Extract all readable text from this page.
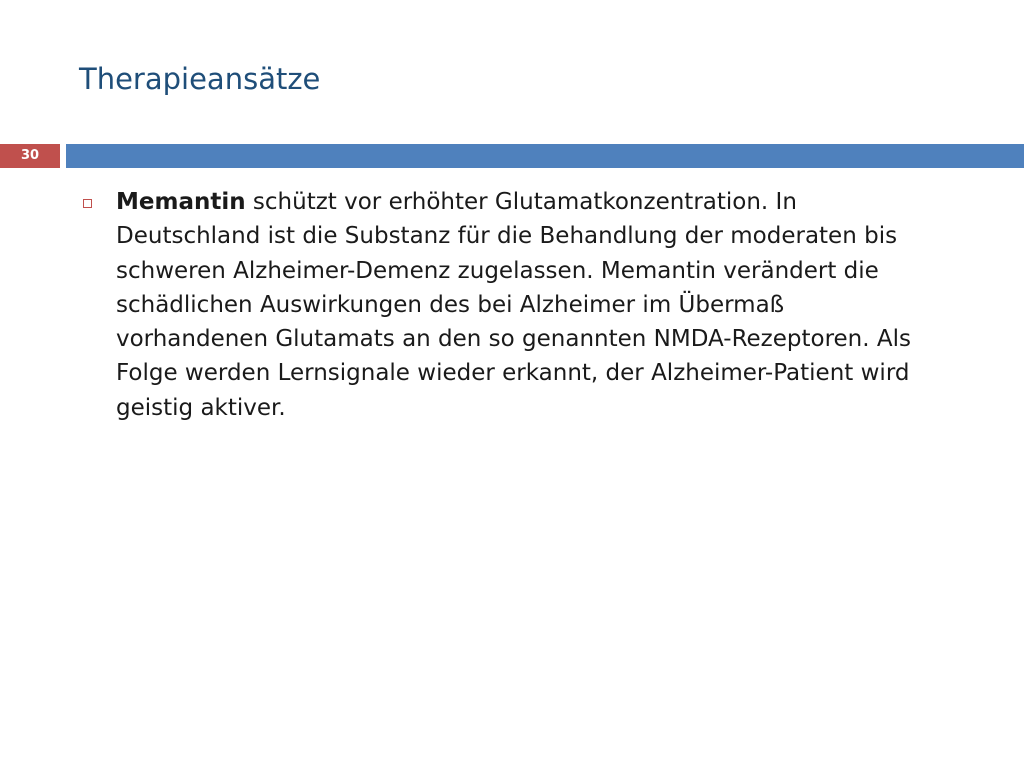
Therapieansätze
30
Memantin schützt vor erhöhter Glutamatkonzentration. In Deutschland ist die Substanz für die Behandlung der moderaten bis schweren Alzheimer-Demenz zugelassen. Memantin verändert die schädlichen Auswirkungen des bei Alzheimer im Übermaß vorhandenen Glutamats an den so genannten NMDA-Rezeptoren. Als Folge werden Lernsignale wieder erkannt, der Alzheimer-Patient wird geistig aktiver.
